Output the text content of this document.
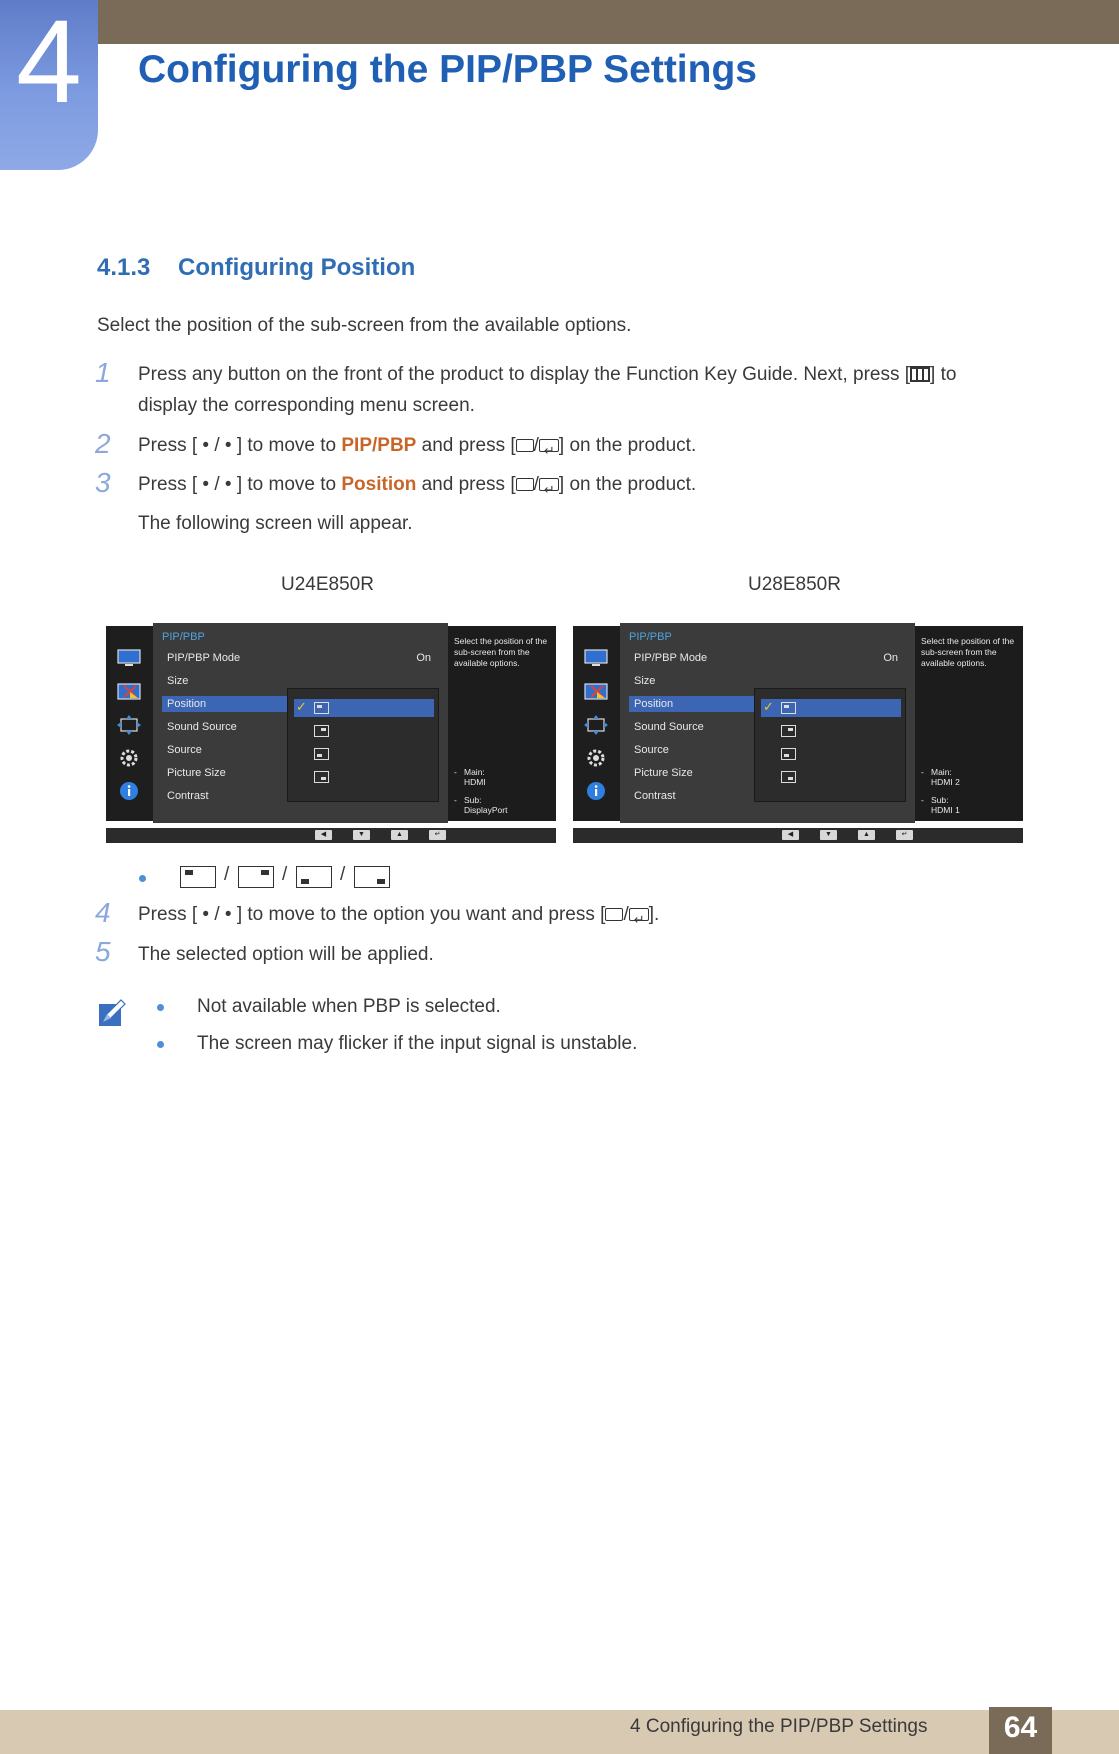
4	Configuring the PIP/PBP Settings
4.1.3 Configuring Position
Select the position of the sub-screen from the available options.
1 Press any button on the front of the product to display the Function Key Guide. Next, press [ ] to
display the corresponding menu screen.
2 Press [ • / • ] to move to PIP/PBP and press [ / ↵ ] on the product.
3 Press [ • / • ] to move to Position and press [ / ↵ ] on the product.
The following screen will appear.
U24E850R	U28E850R
PIP/PBP
PIP/PBP Mode	On
Size
Position
Sound Source
Source
Picture Size
Contrast
✓
Select the position of the sub-screen from the available options.
- Main:
HDMI
- Sub:
DisplayPort
◀	▼	▲	↵
PIP/PBP
PIP/PBP Mode	On
Size
Position
Sound Source
Source
Picture Size
Contrast
✓
Select the position of the sub-screen from the available options.
- Main:
HDMI 2
- Sub:
HDMI 1
◀	▼	▲	↵
/	/	/
4 Press [ • / • ] to move to the option you want and press [ / ↵ ].
5 The selected option will be applied.
Not available when PBP is selected.
The screen may flicker if the input signal is unstable.
4 Configuring the PIP/PBP Settings	64
